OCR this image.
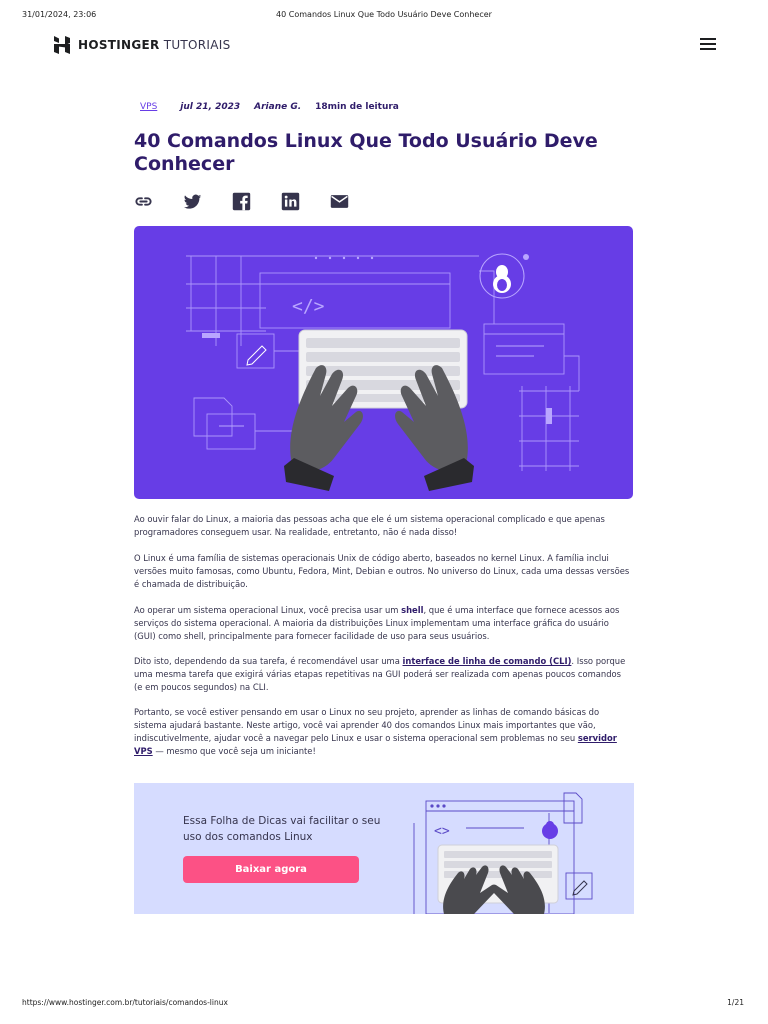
31/01/2024, 23:06	40 Comandos Linux Que Todo Usuário Deve Conhecer
HOSTINGER TUTORIAIS
VPS	jul 21, 2023 Ariane G. 18min de leitura
40 Comandos Linux Que Todo Usuário Deve Conhecer
</>

Ao ouvir falar do Linux, a maioria das pessoas acha que ele é um sistema operacional complicado e que apenas programadores conseguem usar. Na realidade, entretanto, não é nada disso!

O Linux é uma família de sistemas operacionais Unix de código aberto, baseados no kernel Linux. A família inclui versões muito famosas, como Ubuntu, Fedora, Mint, Debian e outros. No universo do Linux, cada uma dessas versões é chamada de distribuição.

Ao operar um sistema operacional Linux, você precisa usar um shell, que é uma interface que fornece acessos aos serviços do sistema operacional. A maioria da distribuições Linux implementam uma interface gráfica do usuário (GUI) como shell, principalmente para fornecer facilidade de uso para seus usuários.

Dito isto, dependendo da sua tarefa, é recomendável usar uma interface de linha de comando (CLI). Isso porque uma mesma tarefa que exigirá várias etapas repetitivas na GUI poderá ser realizada com apenas poucos comandos (e em poucos segundos) na CLI.

Portanto, se você estiver pensando em usar o Linux no seu projeto, aprender as linhas de comando básicas do sistema ajudará bastante. Neste artigo, você vai aprender 40 dos comandos Linux mais importantes que vão, indiscutivelmente, ajudar você a navegar pelo Linux e usar o sistema operacional sem problemas no seu servidor VPS — mesmo que você seja um iniciante!

Essa Folha de Dicas vai facilitar o seu uso dos comandos Linux

Baixar agora
<>
https://www.hostinger.com.br/tutoriais/comandos-linux	1/21
